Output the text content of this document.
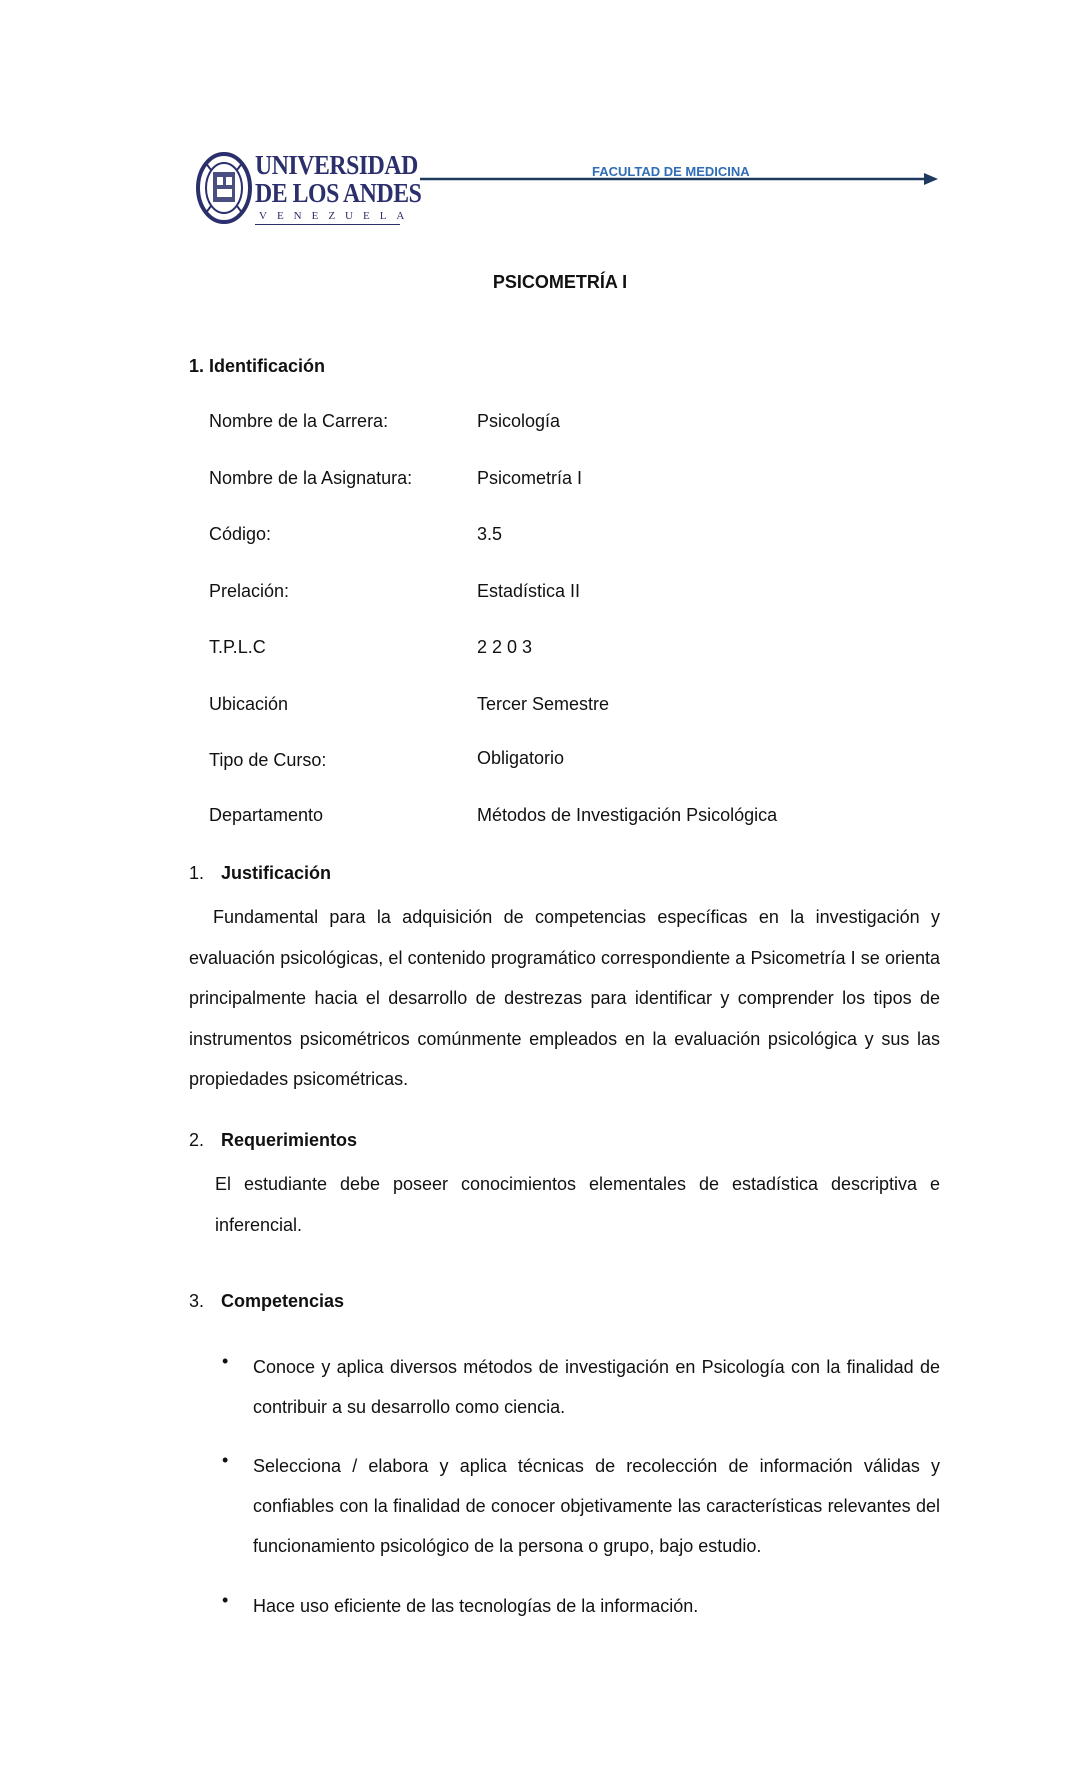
UNIVERSIDAD
DE LOS ANDES
VENEZUELA
FACULTAD DE MEDICINA
PSICOMETRÍA I
1. Identificación
Nombre de la Carrera:	Psicología
Nombre de la Asignatura:	Psicometría I
Código:	3.5
Prelación:	Estadística II
T.P.L.C	2 2 0 3
Ubicación	Tercer Semestre
Tipo de Curso:	Obligatorio
Departamento	Métodos de Investigación Psicológica
1. Justificación
Fundamental para la adquisición de competencias específicas en la investigación y evaluación psicológicas, el contenido programático correspondiente a Psicometría I se orienta principalmente hacia el desarrollo de destrezas para identificar y comprender los tipos de instrumentos psicométricos comúnmente empleados en la evaluación psicológica y sus las propiedades psicométricas.
2. Requerimientos
El estudiante debe poseer conocimientos elementales de estadística descriptiva e inferencial.
3. Competencias
• Conoce y aplica diversos métodos de investigación en Psicología con la finalidad de contribuir a su desarrollo como ciencia.
• Selecciona / elabora y aplica técnicas de recolección de información válidas y confiables con la finalidad de conocer objetivamente las características relevantes del funcionamiento psicológico de la persona o grupo, bajo estudio.
• Hace uso eficiente de las tecnologías de la información.
